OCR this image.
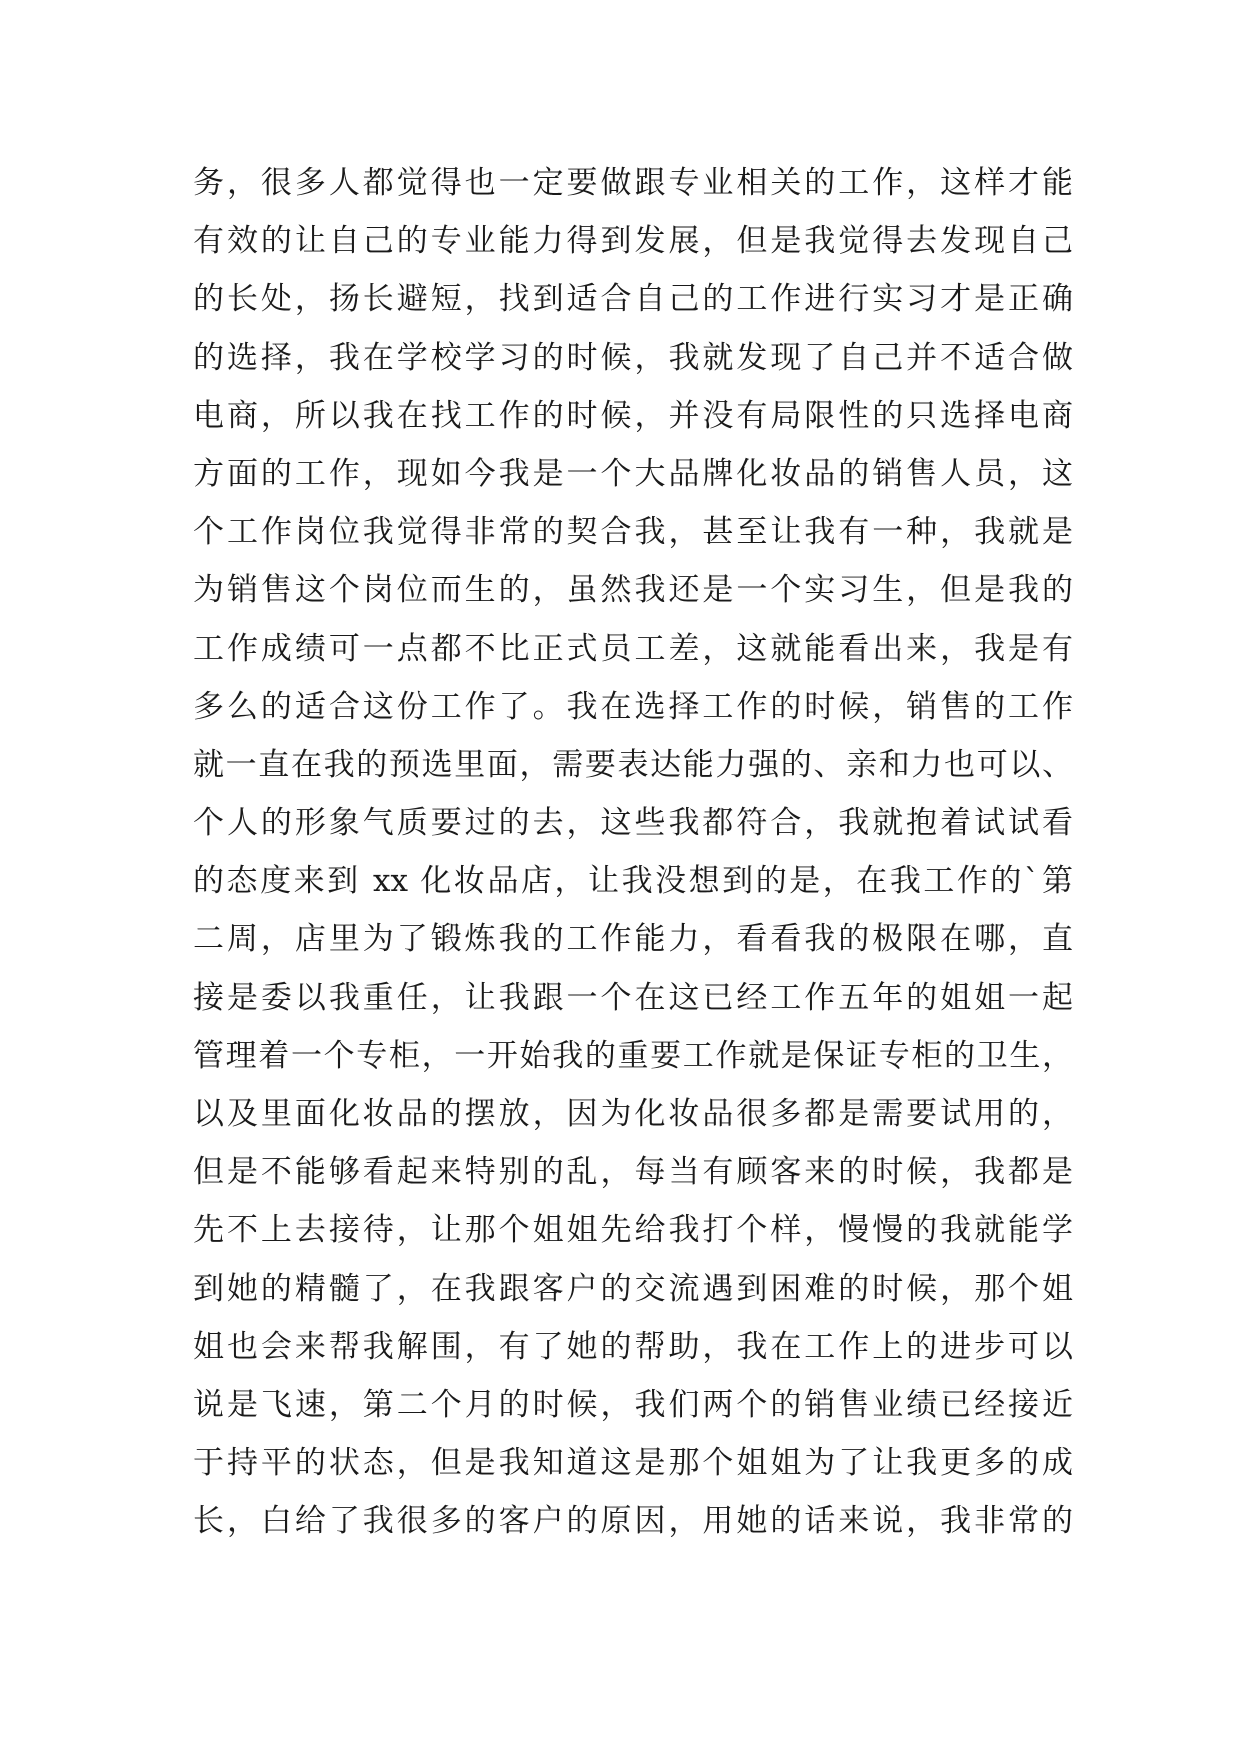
务，很多人都觉得也一定要做跟专业相关的工作，这样才能
有效的让自己的专业能力得到发展，但是我觉得去发现自己
的长处，扬长避短，找到适合自己的工作进行实习才是正确
的选择，我在学校学习的时候，我就发现了自己并不适合做
电商，所以我在找工作的时候，并没有局限性的只选择电商
方面的工作，现如今我是一个大品牌化妆品的销售人员，这
个工作岗位我觉得非常的契合我，甚至让我有一种，我就是
为销售这个岗位而生的，虽然我还是一个实习生，但是我的
工作成绩可一点都不比正式员工差，这就能看出来，我是有
多么的适合这份工作了。我在选择工作的时候，销售的工作
就一直在我的预选里面，需要表达能力强的、亲和力也可以、
个人的形象气质要过的去，这些我都符合，我就抱着试试看
的态度来到 xx 化妆品店，让我没想到的是，在我工作的`第
二周，店里为了锻炼我的工作能力，看看我的极限在哪，直
接是委以我重任，让我跟一个在这已经工作五年的姐姐一起
管理着一个专柜，一开始我的重要工作就是保证专柜的卫生，
以及里面化妆品的摆放，因为化妆品很多都是需要试用的，
但是不能够看起来特别的乱，每当有顾客来的时候，我都是
先不上去接待，让那个姐姐先给我打个样，慢慢的我就能学
到她的精髓了，在我跟客户的交流遇到困难的时候，那个姐
姐也会来帮我解围，有了她的帮助，我在工作上的进步可以
说是飞速，第二个月的时候，我们两个的销售业绩已经接近
于持平的状态，但是我知道这是那个姐姐为了让我更多的成
长，白给了我很多的客户的原因，用她的话来说，我非常的
